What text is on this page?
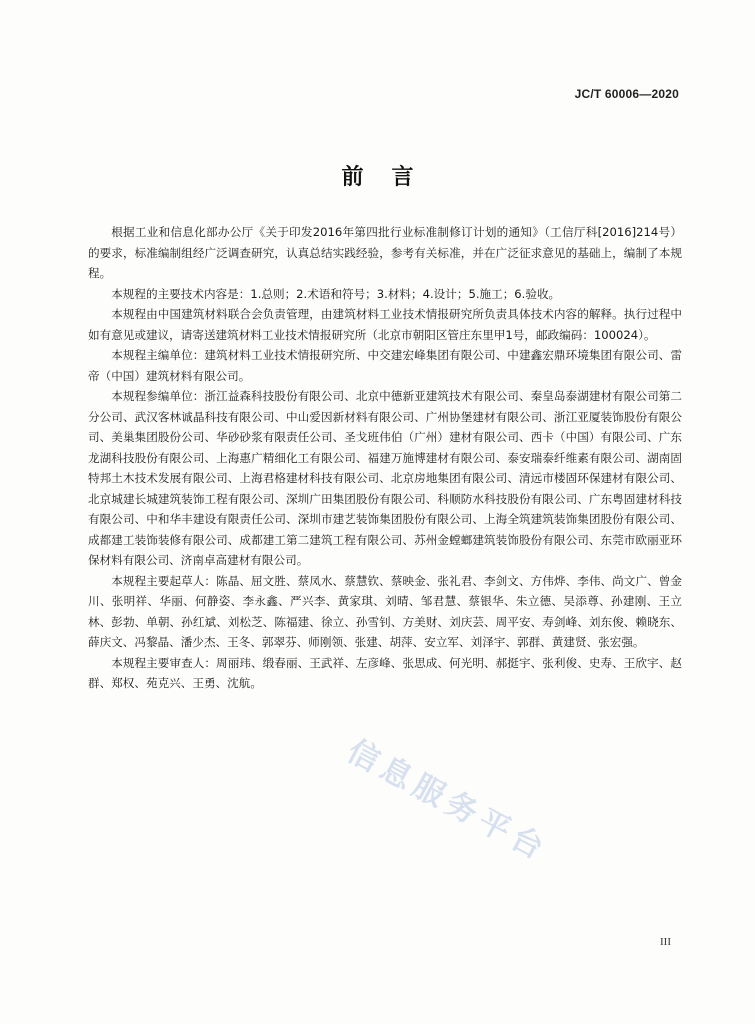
JC/T 60006—2020
前 言

根据工业和信息化部办公厅《关于印发2016年第四批行业标准制修订计划的通知》（工信厅科[2016]214号）的要求，标准编制组经广泛调查研究，认真总结实践经验，参考有关标准，并在广泛征求意见的基础上，编制了本规程。

本规程的主要技术内容是：1.总则；2.术语和符号；3.材料；4.设计；5.施工；6.验收。

本规程由中国建筑材料联合会负责管理，由建筑材料工业技术情报研究所负责具体技术内容的解释。执行过程中如有意见或建议，请寄送建筑材料工业技术情报研究所（北京市朝阳区管庄东里甲1号，邮政编码：100024）。

本规程主编单位：建筑材料工业技术情报研究所、中交建宏峰集团有限公司、中建鑫宏鼎环境集团有限公司、雷帝（中国）建筑材料有限公司。

本规程参编单位：浙江益森科技股份有限公司、北京中德新亚建筑技术有限公司、秦皇岛泰湖建材有限公司第二分公司、武汉客林诚晶科技有限公司、中山爱因新材料有限公司、广州协堡建材有限公司、浙江亚厦装饰股份有限公司、美巢集团股份公司、华砂砂浆有限责任公司、圣戈班伟伯（广州）建材有限公司、西卡（中国）有限公司、广东龙湖科技股份有限公司、上海惠广精细化工有限公司、福建万施博建材有限公司、泰安瑞泰纤维素有限公司、湖南固特邦土木技术发展有限公司、上海君格建材科技有限公司、北京房地集团有限公司、清远市楼固环保建材有限公司、北京城建长城建筑装饰工程有限公司、深圳广田集团股份有限公司、科顺防水科技股份有限公司、广东粤固建材科技有限公司、中和华丰建设有限责任公司、深圳市建艺装饰集团股份有限公司、上海全筑建筑装饰集团股份有限公司、成都建工装饰装修有限公司、成都建工第二建筑工程有限公司、苏州金螳螂建筑装饰股份有限公司、东莞市欧丽亚环保材料有限公司、济南卓高建材有限公司。

本规程主要起草人：陈晶、屈文胜、蔡凤水、蔡慧钦、蔡映金、张礼君、李剑文、方伟烨、李伟、尚文广、曾金川、张明祥、华丽、何静姿、李永鑫、严兴李、黄家琪、刘晴、邹君慧、蔡银华、朱立德、吴添尊、孙建刚、王立林、彭勃、单朝、孙红斌、刘松芝、陈福建、徐立、孙雪钊、方美财、刘庆芸、周平安、寿剑峰、刘东俊、赖晓东、薛庆文、冯黎晶、潘少杰、王冬、郭翠芬、师刚领、张建、胡萍、安立军、刘泽宇、郭群、黄建贤、张宏强。

本规程主要审查人：周丽玮、缎春丽、王武祥、左彦峰、张思成、何光明、郝挺宇、张利俊、史寿、王欣宇、赵群、郑权、苑克兴、王勇、沈航。

信息服务平台
III
